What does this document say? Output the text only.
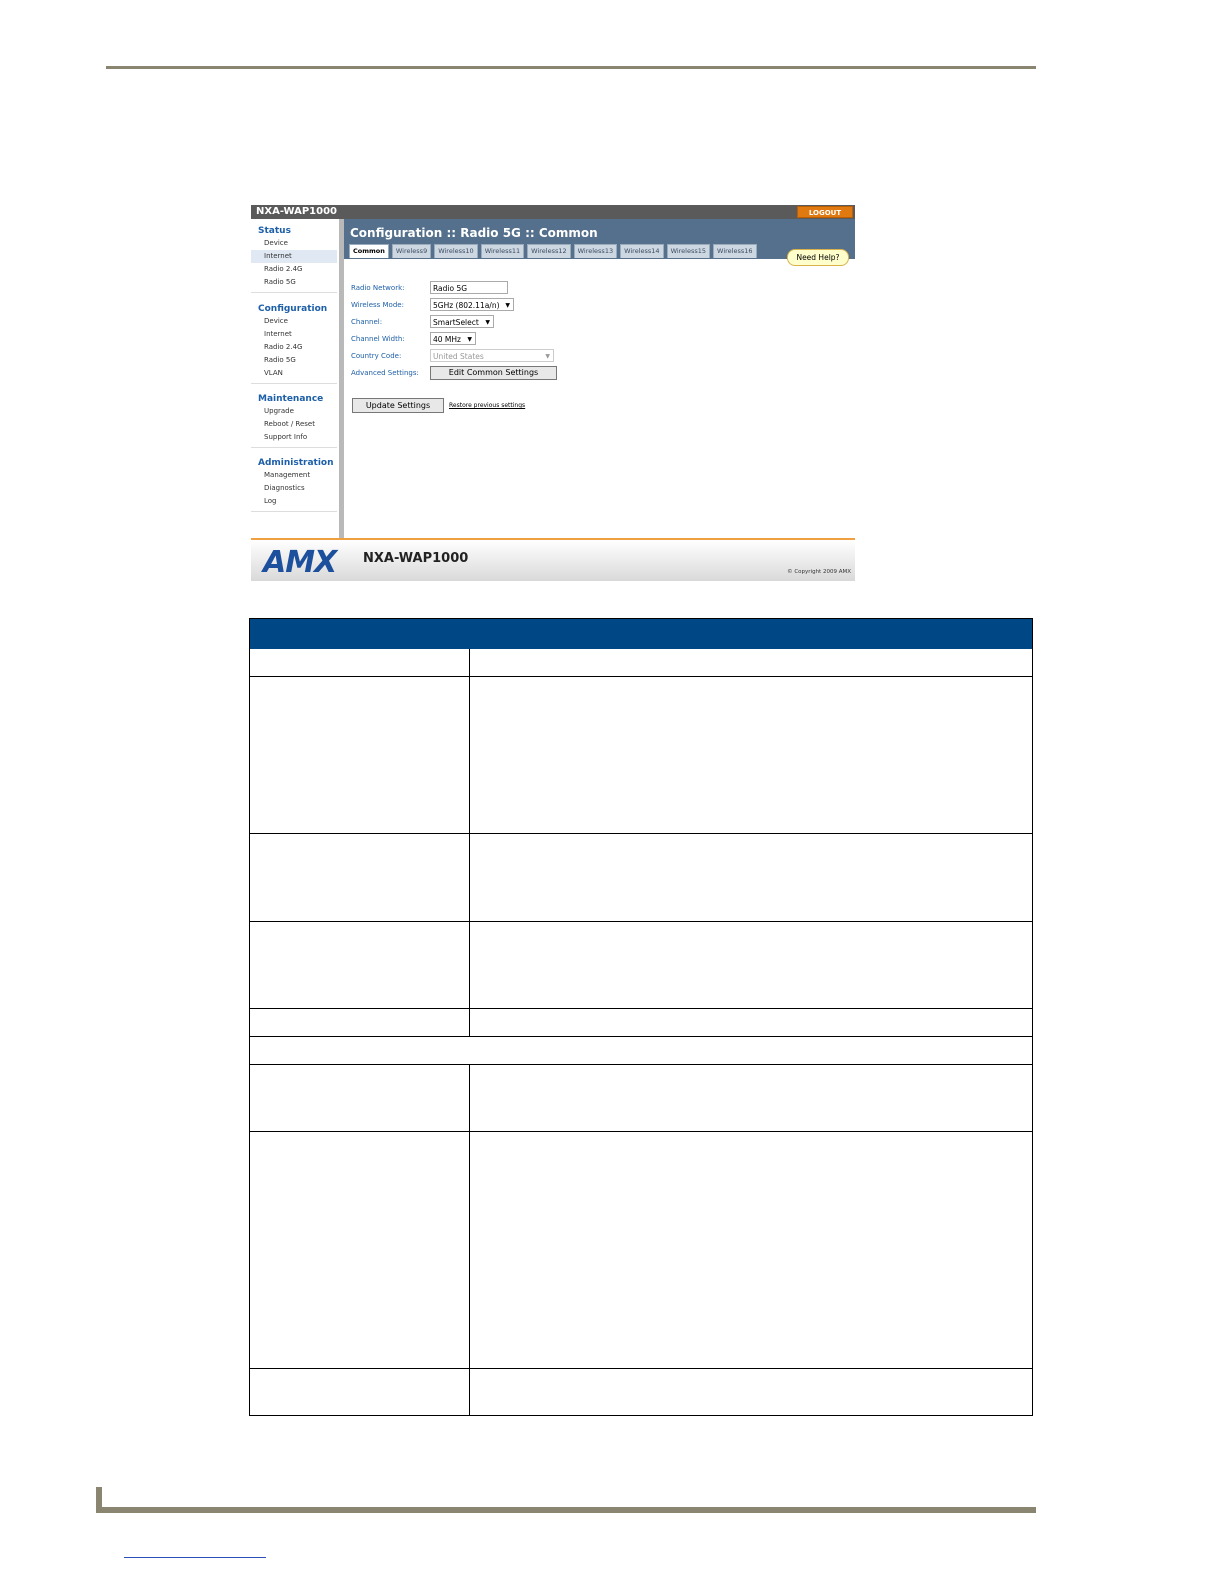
NXA-WAP1000	LOGOUT
Status
Device
Internet
Radio 2.4G
Radio 5G
Configuration
Device
Internet
Radio 2.4G
Radio 5G
VLAN
Maintenance
Upgrade
Reboot / Reset
Support Info
Administration
Management
Diagnostics
Log
Configuration :: Radio 5G :: Common
Common	Wireless9	Wireless10	Wireless11	Wireless12	Wireless13	Wireless14	Wireless15	Wireless16
Need Help?
Radio Network:	Radio 5G
Wireless Mode:	5GHz (802.11a/n) ▼
Channel:	SmartSelect ▼
Channel Width:	40 MHz ▼
Country Code:	United States	▼
Advanced Settings:	Edit Common Settings
Update Settings	Restore previous settings
AMX NXA-WAP1000
© Copyright 2009 AMX
